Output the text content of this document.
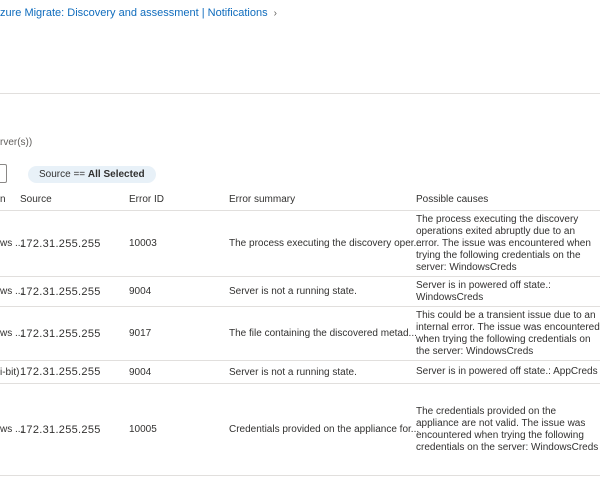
zure Migrate: Discovery and assessment | Notifications ›
rver(s))
Source == All Selected
n	Source	Error ID	Error summary	Possible causes
ws ...	172.31.255.255	10003	The process executing the discovery oper...	The process executing the discovery operations exited abruptly due to an error. The issue was encountered when trying the following credentials on the server: WindowsCreds
ws ...	172.31.255.255	9004	Server is not a running state.	Server is in powered off state.: WindowsCreds
ws ...	172.31.255.255	9017	The file containing the discovered metad...	This could be a transient issue due to an internal error. The issue was encountered when trying the following credentials on the server: WindowsCreds
i-bit)	172.31.255.255	9004	Server is not a running state.	Server is in powered off state.: AppCreds
ws ...	172.31.255.255	10005	Credentials provided on the appliance for...	The credentials provided on the appliance are not valid. The issue was encountered when trying the following credentials on the server: WindowsCreds
